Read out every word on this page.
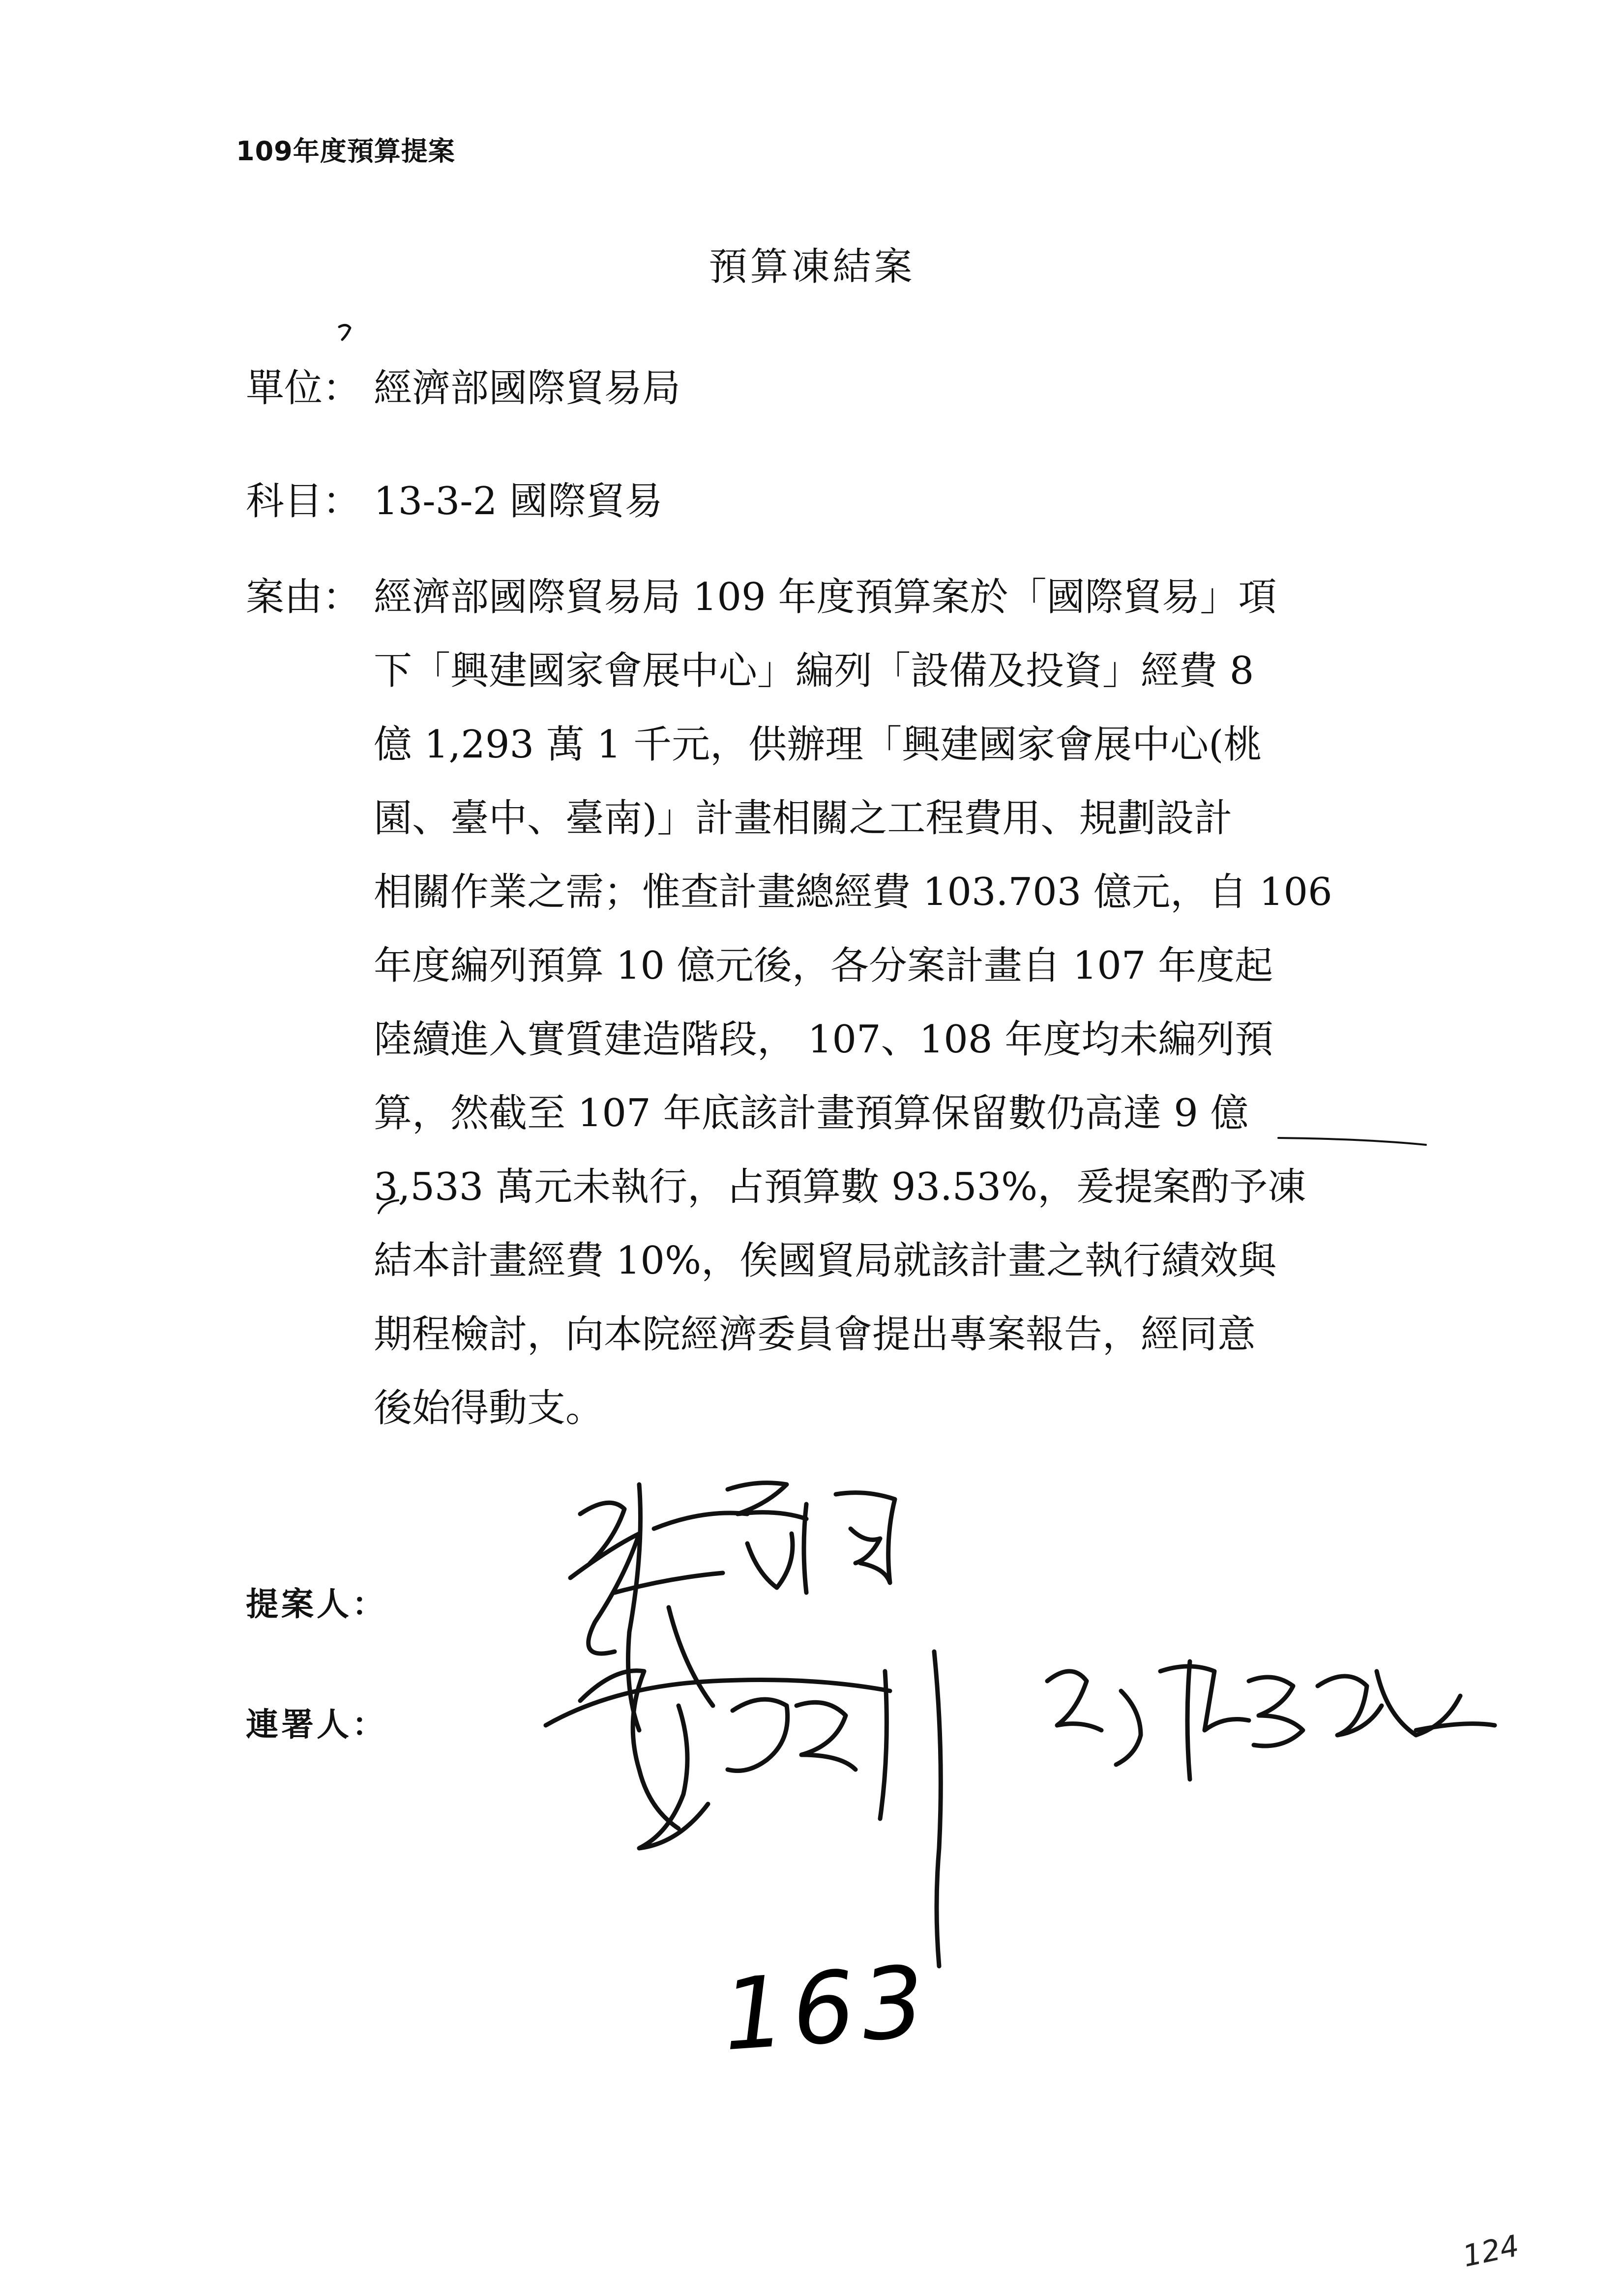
109年度預算提案
預算凍結案
單位： 經濟部國際貿易局
科目： 13-3-2 國際貿易
案由： 經濟部國際貿易局 109 年度預算案於「國際貿易」項
下「興建國家會展中心」編列「設備及投資」經費 8
億 1,293 萬 1 千元，供辦理「興建國家會展中心(桃
園、臺中、臺南)」計畫相關之工程費用、規劃設計
相關作業之需；惟查計畫總經費 103.703 億元，自 106
年度編列預算 10 億元後，各分案計畫自 107 年度起
陸續進入實質建造階段， 107、108 年度均未編列預
算，然截至 107 年底該計畫預算保留數仍高達 9 億
3,533 萬元未執行，占預算數 93.53%，爰提案酌予凍
結本計畫經費 10%，俟國貿局就該計畫之執行績效與
期程檢討，向本院經濟委員會提出專案報告，經同意
後始得動支。
提案人：
連署人：
163
124
